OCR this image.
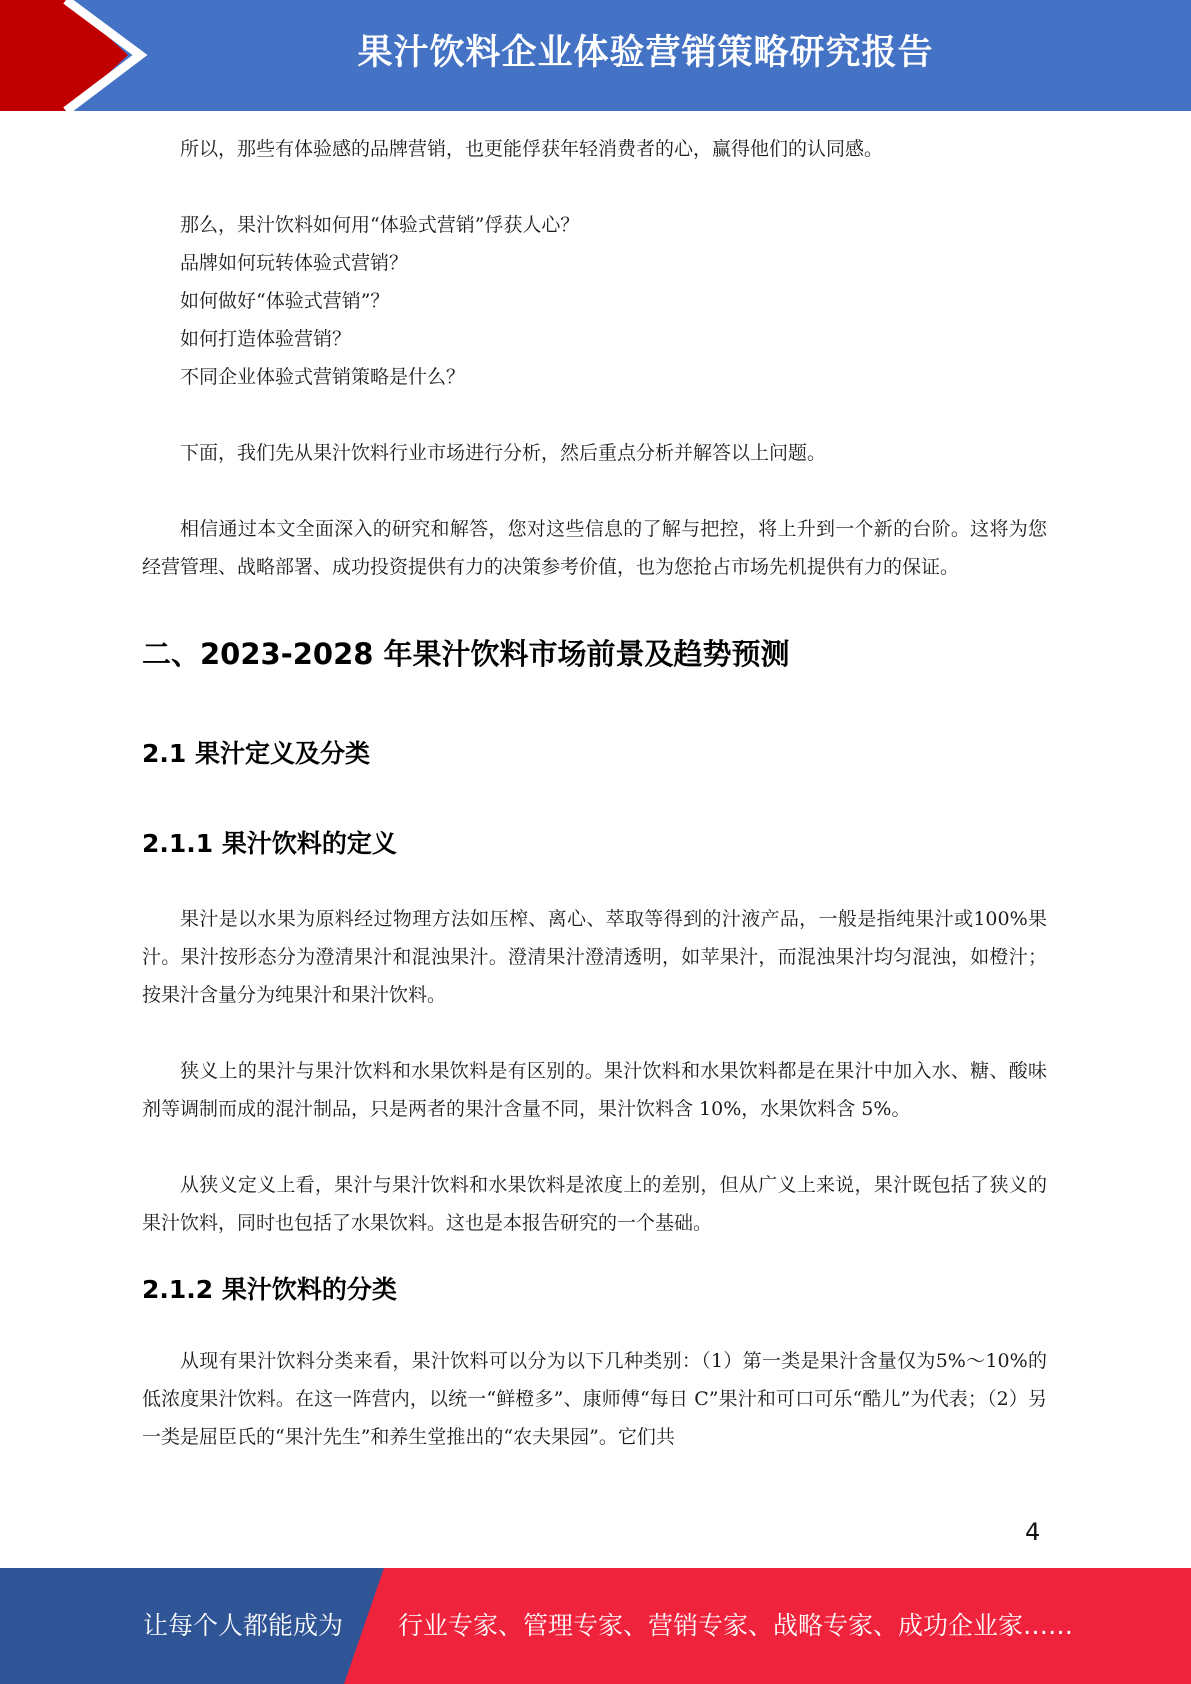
果汁饮料企业体验营销策略研究报告

所以，那些有体验感的品牌营销，也更能俘获年轻消费者的心，赢得他们的认同感。

那么，果汁饮料如何用“体验式营销”俘获人心？

品牌如何玩转体验式营销？

如何做好“体验式营销”？

如何打造体验营销？

不同企业体验式营销策略是什么？

下面，我们先从果汁饮料行业市场进行分析，然后重点分析并解答以上问题。

相信通过本文全面深入的研究和解答，您对这些信息的了解与把控，将上升到一个新的台阶。这将为您经营管理、战略部署、成功投资提供有力的决策参考价值，也为您抢占市场先机提供有力的保证。

二、2023-2028 年果汁饮料市场前景及趋势预测
2.1 果汁定义及分类
2.1.1 果汁饮料的定义

果汁是以水果为原料经过物理方法如压榨、离心、萃取等得到的汁液产品，一般是指纯果汁或100%果汁。果汁按形态分为澄清果汁和混浊果汁。澄清果汁澄清透明，如苹果汁，而混浊果汁均匀混浊，如橙汁；按果汁含量分为纯果汁和果汁饮料。

狭义上的果汁与果汁饮料和水果饮料是有区别的。果汁饮料和水果饮料都是在果汁中加入水、糖、酸味剂等调制而成的混汁制品，只是两者的果汁含量不同，果汁饮料含 10%，水果饮料含 5%。

从狭义定义上看，果汁与果汁饮料和水果饮料是浓度上的差别，但从广义上来说，果汁既包括了狭义的果汁饮料，同时也包括了水果饮料。这也是本报告研究的一个基础。

2.1.2 果汁饮料的分类

从现有果汁饮料分类来看，果汁饮料可以分为以下几种类别：（1）第一类是果汁含量仅为5%～10%的低浓度果汁饮料。在这一阵营内，以统一“鲜橙多”、康师傅“每日 C”果汁和可口可乐“酷儿”为代表；（2）另一类是屈臣氏的“果汁先生”和养生堂推出的“农夫果园”。它们共

4
让每个人都能成为 行业专家、管理专家、营销专家、战略专家、成功企业家……
